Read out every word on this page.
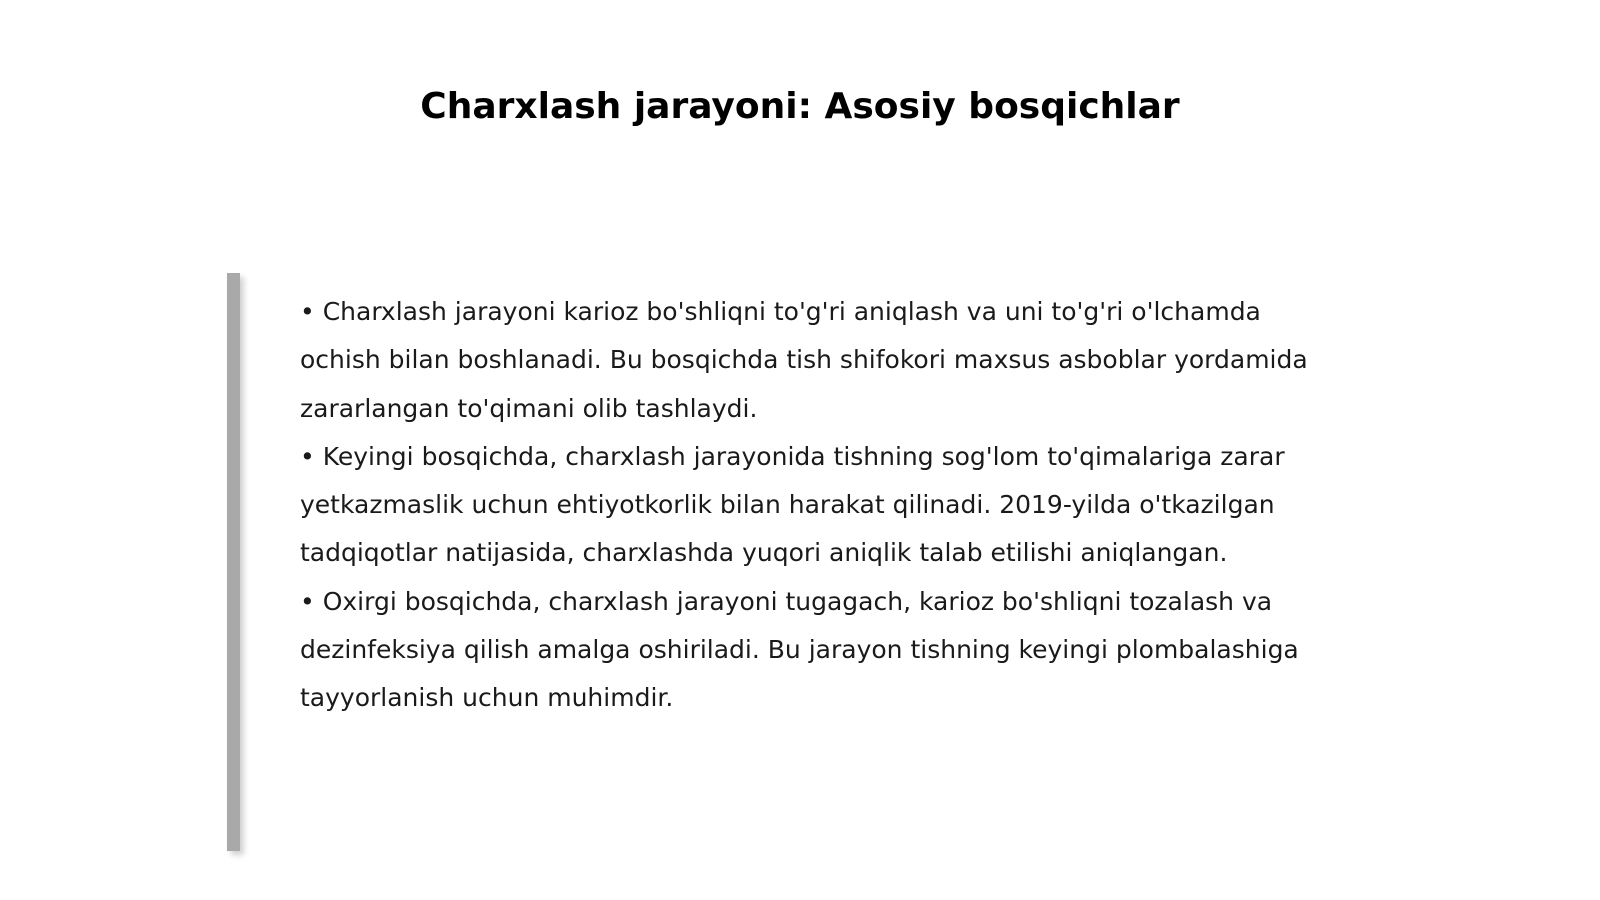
Charxlash jarayoni: Asosiy bosqichlar
• Charxlash jarayoni karioz bo'shliqni to'g'ri aniqlash va uni to'g'ri o'lchamda ochish bilan boshlanadi. Bu bosqichda tish shifokori maxsus asboblar yordamida zararlangan to'qimani olib tashlaydi.
• Keyingi bosqichda, charxlash jarayonida tishning sog'lom to'qimalariga zarar yetkazmaslik uchun ehtiyotkorlik bilan harakat qilinadi. 2019-yilda o'tkazilgan tadqiqotlar natijasida, charxlashda yuqori aniqlik talab etilishi aniqlangan.
• Oxirgi bosqichda, charxlash jarayoni tugagach, karioz bo'shliqni tozalash va dezinfeksiya qilish amalga oshiriladi. Bu jarayon tishning keyingi plombalashiga tayyorlanish uchun muhimdir.
